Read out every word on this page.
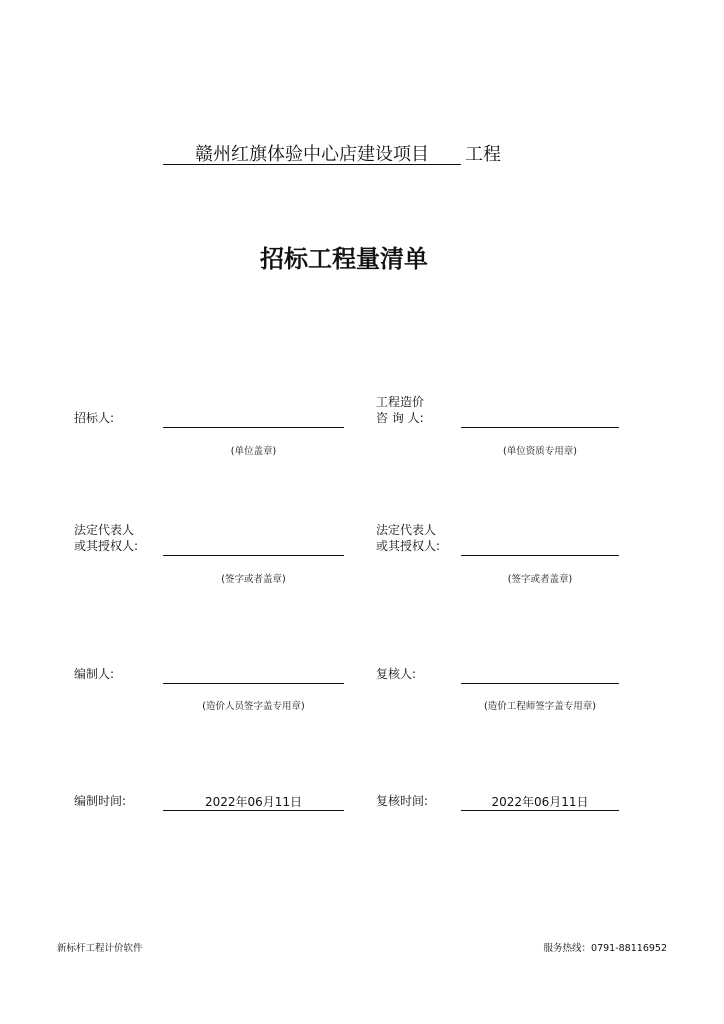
赣州红旗体验中心店建设项目	工程
招标工程量清单
招标人:
(单位盖章)
工程造价
咨 询 人:
(单位资质专用章)
法定代表人
或其授权人:
(签字或者盖章)
法定代表人
或其授权人:
(签字或者盖章)
编制人:
(造价人员签字盖专用章)
复核人:
(造价工程师签字盖专用章)
编制时间:	2022年06月11日	复核时间:	2022年06月11日
新标杆工程计价软件	服务热线：0791-88116952
